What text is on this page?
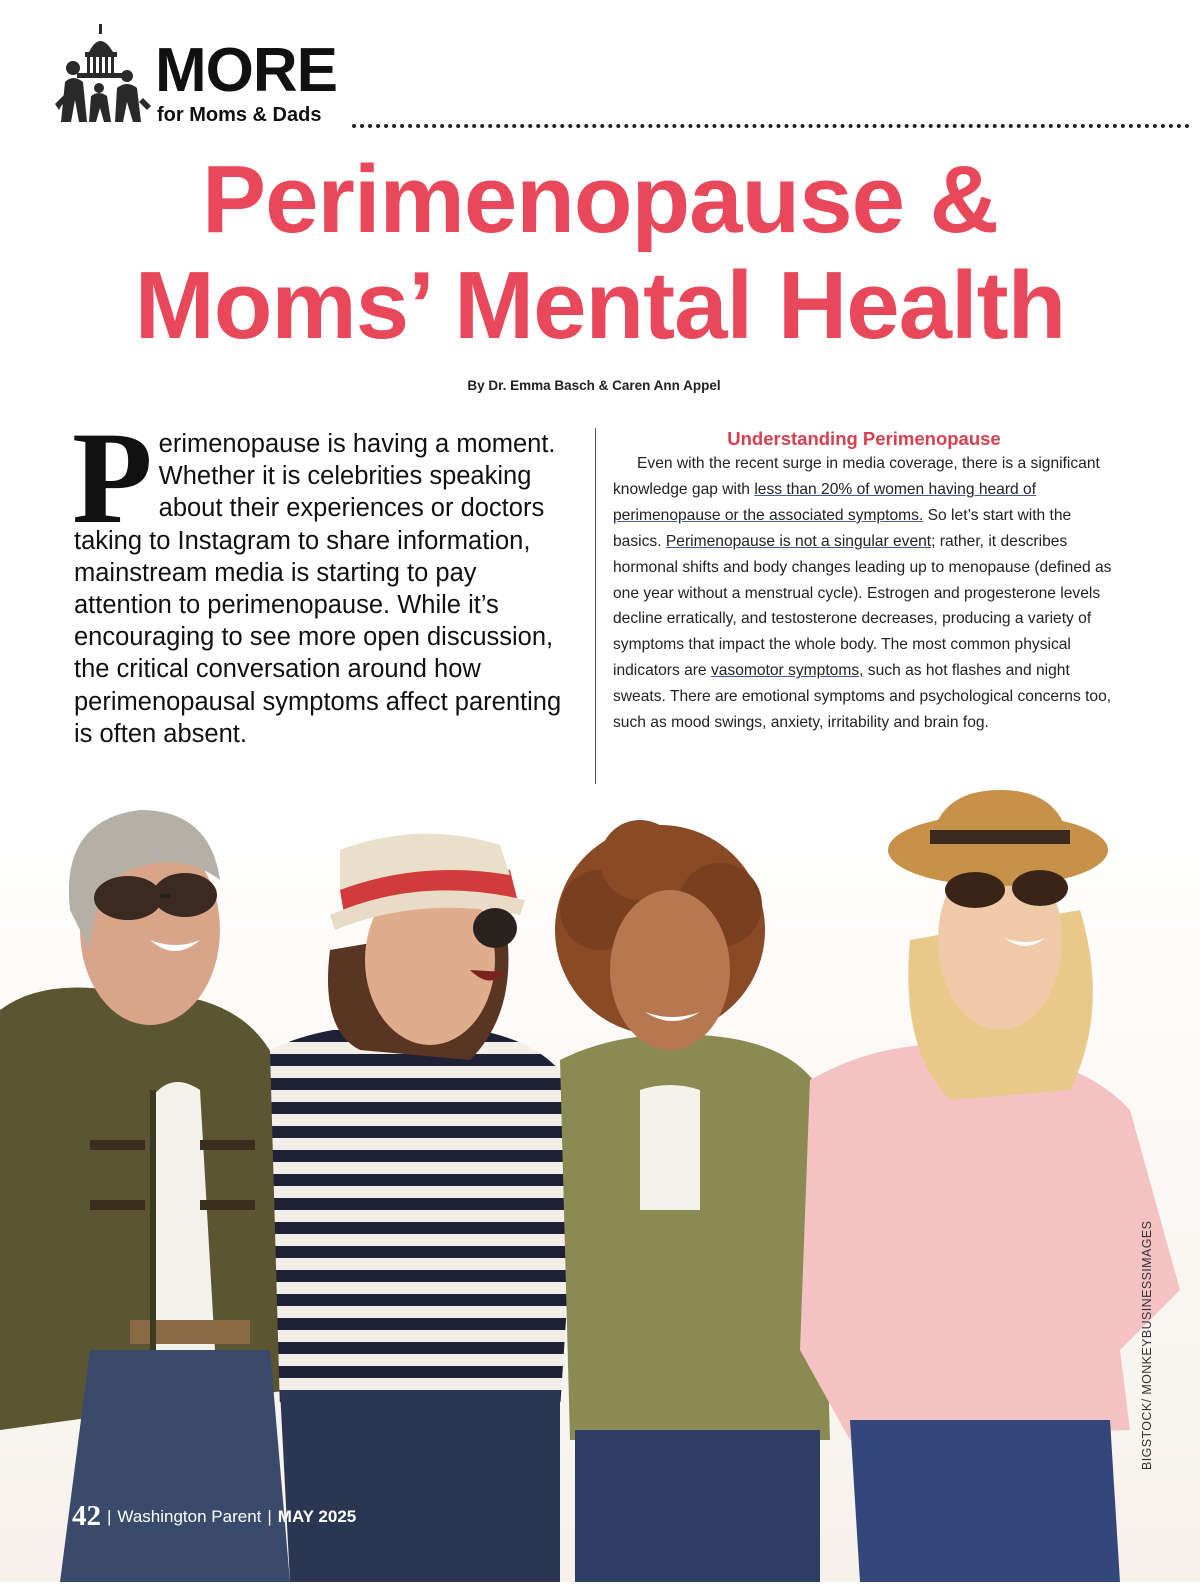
MORE
for Moms & Dads
Perimenopause &
Moms’ Mental Health
By Dr. Emma Basch & Caren Ann Appel
Perimenopause is having a moment. Whether it is celebrities speaking about their experiences or doctors taking to Instagram to share information, mainstream media is starting to pay attention to perimenopause. While it’s encouraging to see more open discussion, the critical conversation around how perimenopausal symptoms affect parenting is often absent.
Understanding Perimenopause
Even with the recent surge in media coverage, there is a significant knowledge gap with less than 20% of women having heard of perimenopause or the associated symptoms. So let’s start with the basics. Perimenopause is not a singular event; rather, it describes hormonal shifts and body changes leading up to menopause (defined as one year without a menstrual cycle). Estrogen and progesterone levels decline erratically, and testosterone decreases, producing a variety of symptoms that impact the whole body. The most common physical indicators are vasomotor symptoms, such as hot flashes and night sweats. There are emotional symptoms and psychological concerns too, such as mood swings, anxiety, irritability and brain fog.
BIGSTOCK/ MONKEYBUSINESSIMAGES
42 | Washington Parent | MAY 2025
